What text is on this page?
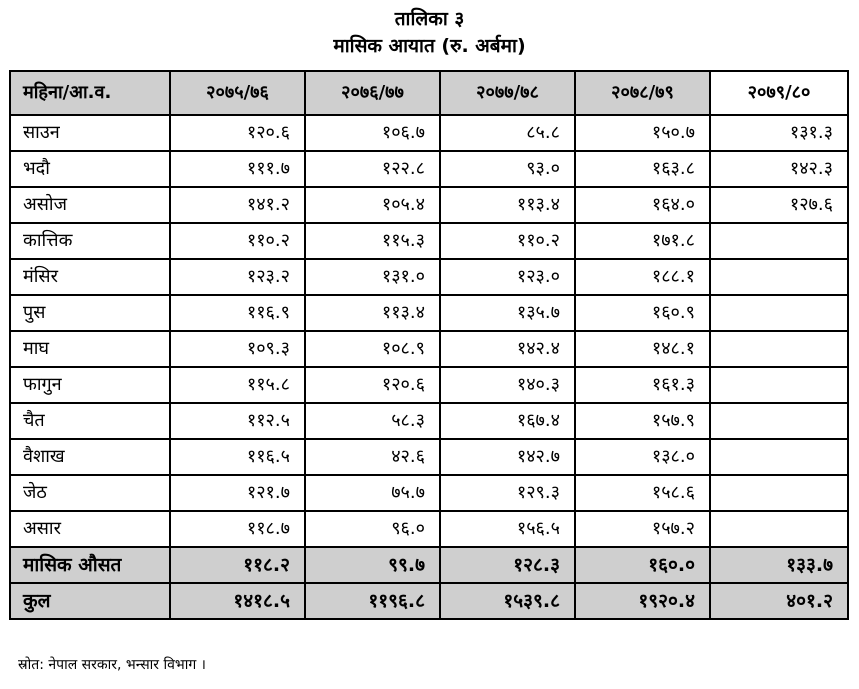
तालिका ३
मासिक आयात (रु. अर्बमा)
महिना/आ.व.	२०७५/७६	२०७६/७७	२०७७/७८	२०७८/७९	२०७९/८०
साउन	१२०.६	१०६.७	८५.८	१५०.७	१३१.३
भदौ	१११.७	१२२.८	९३.०	१६३.८	१४२.३
असोज	१४१.२	१०५.४	११३.४	१६४.०	१२७.६
कात्तिक	११०.२	११५.३	११०.२	१७१.८	
मंसिर	१२३.२	१३१.०	१२३.०	१८८.१	
पुस	११६.९	११३.४	१३५.७	१६०.९	
माघ	१०९.३	१०८.९	१४२.४	१४८.१	
फागुन	११५.८	१२०.६	१४०.३	१६१.३	
चैत	११२.५	५८.३	१६७.४	१५७.९	
वैशाख	११६.५	४२.६	१४२.७	१३८.०	
जेठ	१२१.७	७५.७	१२९.३	१५८.६	
असार	११८.७	९६.०	१५६.५	१५७.२	
मासिक औसत	११८.२	९९.७	१२८.३	१६०.०	१३३.७
कुल	१४१८.५	११९६.८	१५३९.८	१९२०.४	४०१.२
स्रोत: नेपाल सरकार, भन्सार विभाग ।
